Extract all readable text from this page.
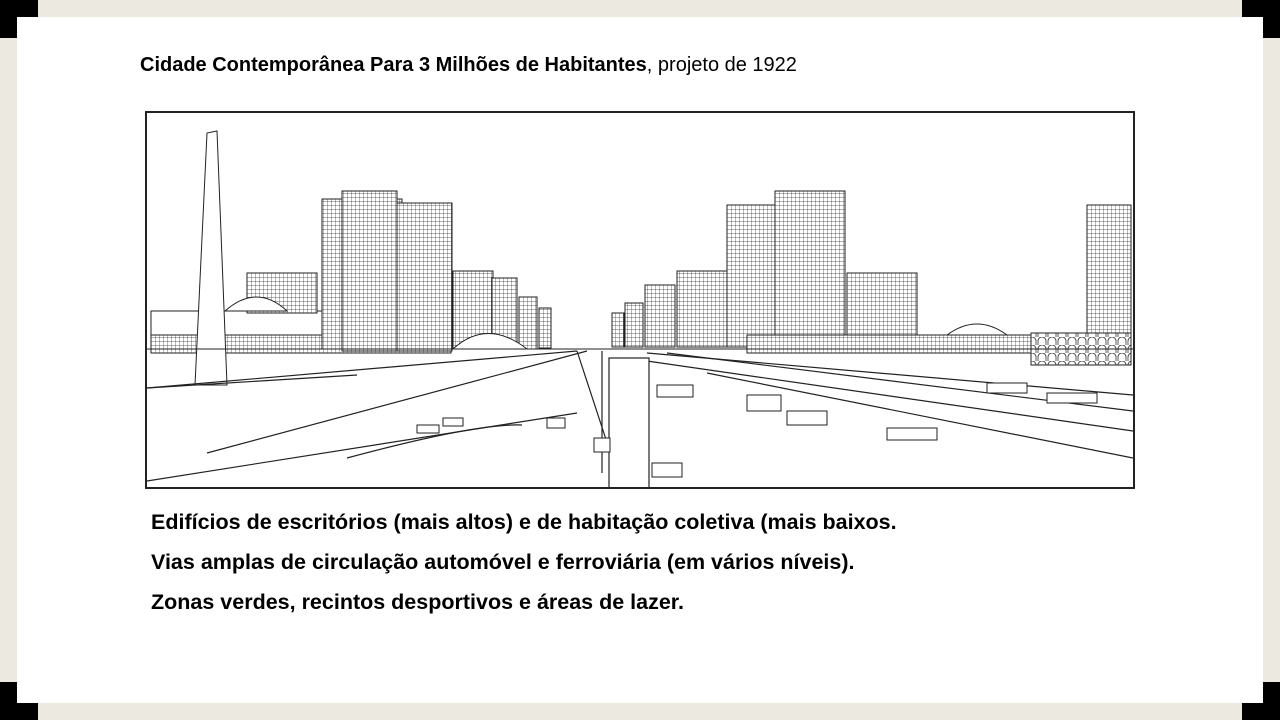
Cidade Contemporânea Para 3 Milhões de Habitantes, projeto de 1922
Edifícios de escritórios (mais altos) e de habitação coletiva (mais baixos.
Vias amplas de circulação automóvel e ferroviária (em vários níveis).
Zonas verdes, recintos desportivos e áreas de lazer.
